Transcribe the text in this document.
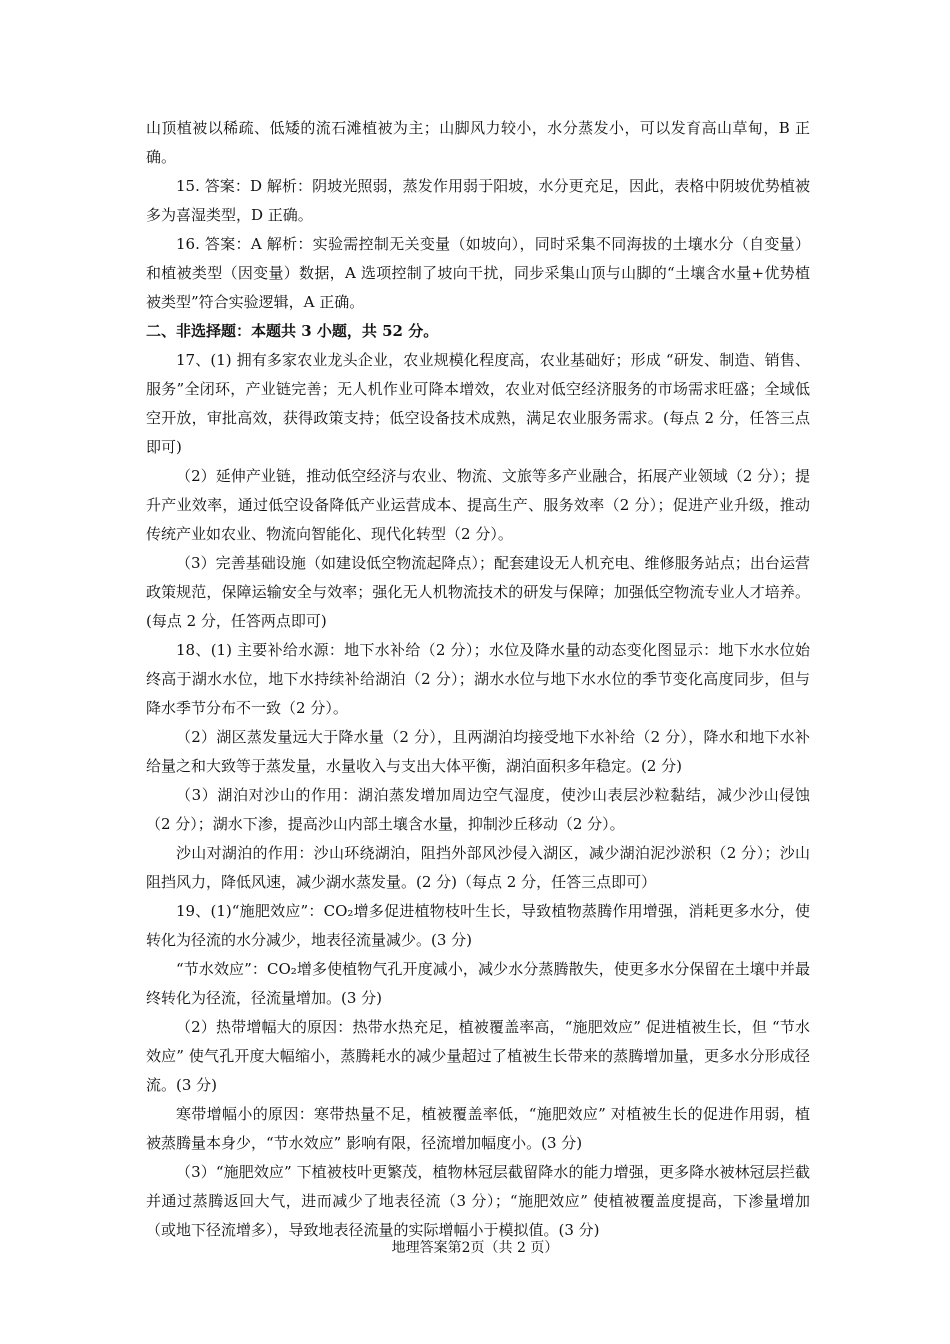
山顶植被以稀疏、低矮的流石滩植被为主；山脚风力较小，水分蒸发小，可以发育高山草甸，B 正确。

15. 答案：D 解析：阴坡光照弱，蒸发作用弱于阳坡，水分更充足，因此，表格中阴坡优势植被多为喜湿类型，D 正确。

16. 答案：A 解析：实验需控制无关变量（如坡向），同时采集不同海拔的土壤水分（自变量）和植被类型（因变量）数据，A 选项控制了坡向干扰，同步采集山顶与山脚的“土壤含水量+优势植被类型”符合实验逻辑，A 正确。

二、非选择题：本题共 3 小题，共 52 分。

17、(1) 拥有多家农业龙头企业，农业规模化程度高，农业基础好；形成 “研发、制造、销售、服务”全闭环，产业链完善；无人机作业可降本增效，农业对低空经济服务的市场需求旺盛；全域低空开放，审批高效，获得政策支持；低空设备技术成熟，满足农业服务需求。(每点 2 分，任答三点即可)

（2）延伸产业链，推动低空经济与农业、物流、文旅等多产业融合，拓展产业领域（2 分）；提升产业效率，通过低空设备降低产业运营成本、提高生产、服务效率（2 分）；促进产业升级，推动传统产业如农业、物流向智能化、现代化转型（2 分）。

（3）完善基础设施（如建设低空物流起降点）；配套建设无人机充电、维修服务站点；出台运营政策规范，保障运输安全与效率；强化无人机物流技术的研发与保障；加强低空物流专业人才培养。(每点 2 分，任答两点即可)

18、(1) 主要补给水源：地下水补给（2 分）；水位及降水量的动态变化图显示：地下水水位始终高于湖水水位，地下水持续补给湖泊（2 分）；湖水水位与地下水水位的季节变化高度同步，但与降水季节分布不一致（2 分）。

（2）湖区蒸发量远大于降水量（2 分），且两湖泊均接受地下水补给（2 分），降水和地下水补给量之和大致等于蒸发量，水量收入与支出大体平衡，湖泊面积多年稳定。(2 分)

（3）湖泊对沙山的作用：湖泊蒸发增加周边空气湿度，使沙山表层沙粒黏结，减少沙山侵蚀（2 分）；湖水下渗，提高沙山内部土壤含水量，抑制沙丘移动（2 分）。

沙山对湖泊的作用：沙山环绕湖泊，阻挡外部风沙侵入湖区，减少湖泊泥沙淤积（2 分）；沙山阻挡风力，降低风速，减少湖水蒸发量。(2 分)（每点 2 分，任答三点即可）

19、(1)“施肥效应”：CO₂增多促进植物枝叶生长，导致植物蒸腾作用增强，消耗更多水分，使转化为径流的水分减少，地表径流量减少。(3 分)

“节水效应”：CO₂增多使植物气孔开度减小，减少水分蒸腾散失，使更多水分保留在土壤中并最终转化为径流，径流量增加。(3 分)

（2）热带增幅大的原因：热带水热充足，植被覆盖率高，“施肥效应” 促进植被生长，但 “节水效应” 使气孔开度大幅缩小，蒸腾耗水的减少量超过了植被生长带来的蒸腾增加量，更多水分形成径流。(3 分)

寒带增幅小的原因：寒带热量不足，植被覆盖率低，“施肥效应” 对植被生长的促进作用弱，植被蒸腾量本身少，“节水效应” 影响有限，径流增加幅度小。(3 分)

（3）“施肥效应” 下植被枝叶更繁茂，植物林冠层截留降水的能力增强，更多降水被林冠层拦截并通过蒸腾返回大气，进而减少了地表径流（3 分）；“施肥效应” 使植被覆盖度提高，下渗量增加（或地下径流增多），导致地表径流量的实际增幅小于模拟值。(3 分)

地理答案第2页（共 2 页）
